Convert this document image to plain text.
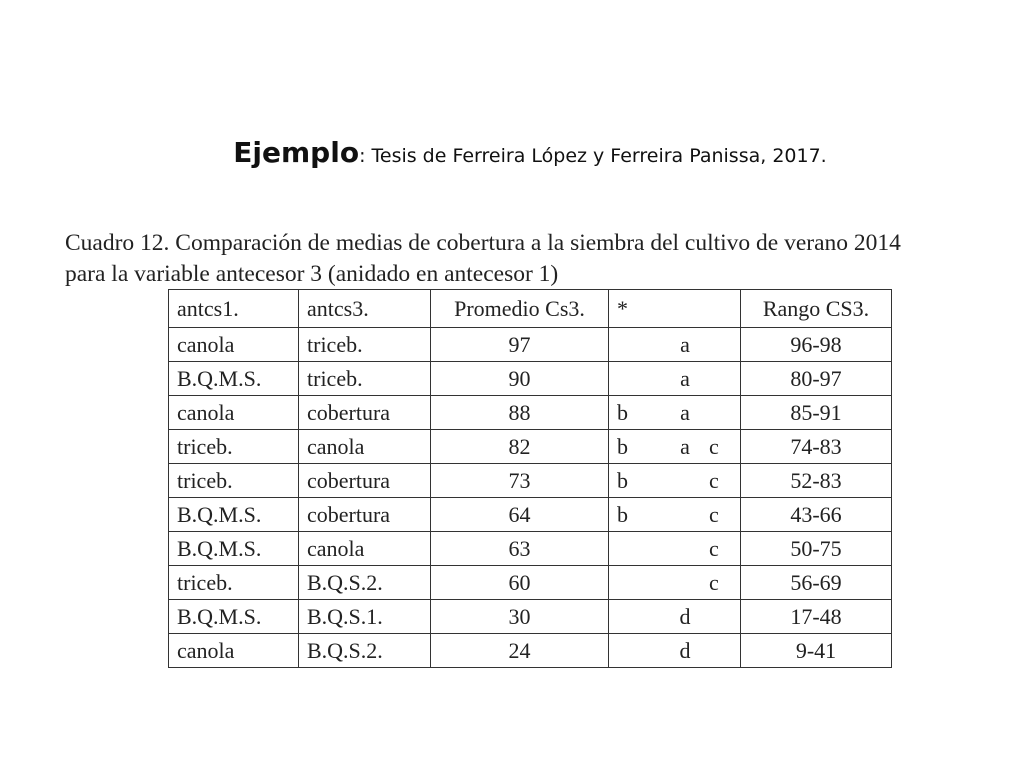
Ejemplo: Tesis de Ferreira López y Ferreira Panissa, 2017.
Cuadro 12. Comparación de medias de cobertura a la siembra del cultivo de verano 2014
para la variable antecesor 3 (anidado en antecesor 1)
antcs1.	antcs3.	Promedio Cs3.	*	Rango CS3.
canola	triceb.	97	a	96-98
B.Q.M.S.	triceb.	90	a	80-97
canola	cobertura	88	b a	85-91
triceb.	canola	82	b a c	74-83
triceb.	cobertura	73	b c	52-83
B.Q.M.S.	cobertura	64	b c	43-66
B.Q.M.S.	canola	63	c	50-75
triceb.	B.Q.S.2.	60	c	56-69
B.Q.M.S.	B.Q.S.1.	30	d	17-48
canola	B.Q.S.2.	24	d	9-41
